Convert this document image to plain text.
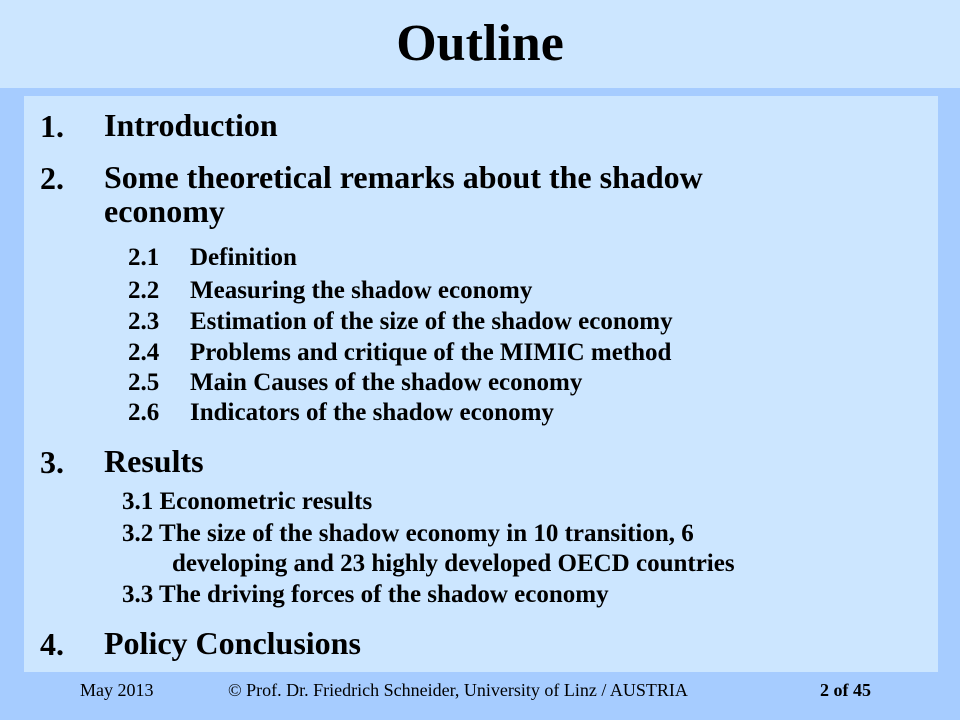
Outline
1. Introduction
2. Some theoretical remarks about the shadow economy
2.1 Definition
2.2 Measuring the shadow economy
2.3 Estimation of the size of the shadow economy
2.4 Problems and critique of the MIMIC method
2.5 Main Causes of the shadow economy
2.6 Indicators of the shadow economy
3. Results
3.1 Econometric results
3.2 The size of the shadow economy in 10 transition, 6
developing and 23 highly developed OECD countries
3.3 The driving forces of the shadow economy
4. Policy Conclusions
May 2013	© Prof. Dr. Friedrich Schneider, University of Linz / AUSTRIA	2 of 45
